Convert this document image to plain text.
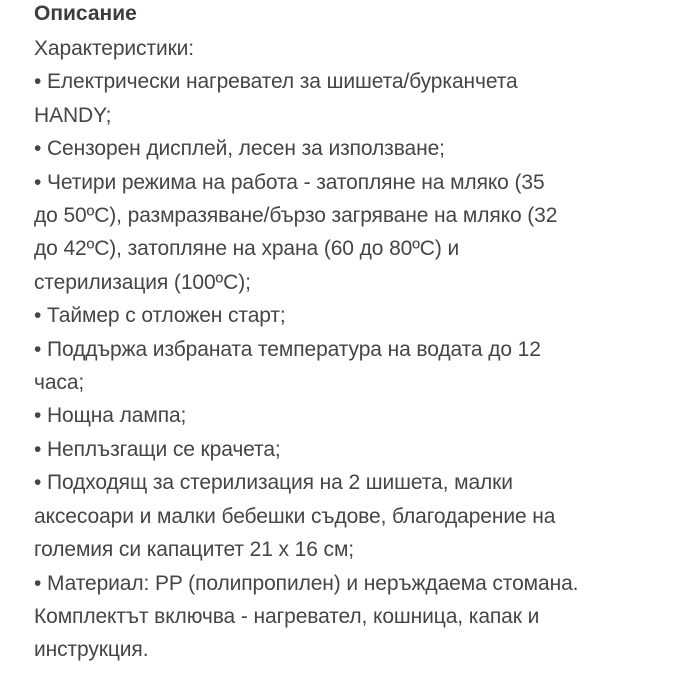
Описание
Характеристики:
• Електрически нагревател за шишета/бурканчета
HANDY;
• Сензорен дисплей, лесен за използване;
• Четири режима на работа - затопляне на мляко (35
до 50ºC), размразяване/бързо загряване на мляко (32
до 42ºC), затопляне на храна (60 до 80ºC) и
стерилизация (100ºC);
• Таймер с отложен старт;
• Поддържа избраната температура на водата до 12
часа;
• Нощна лампа;
• Неплъзгащи се крачета;
• Подходящ за стерилизация на 2 шишета, малки
аксесоари и малки бебешки съдове, благодарение на
големия си капацитет 21 х 16 см;
• Материал: PP (полипропилен) и неръждаема стомана.
Комплектът включва - нагревател, кошница, капак и
инструкция.
